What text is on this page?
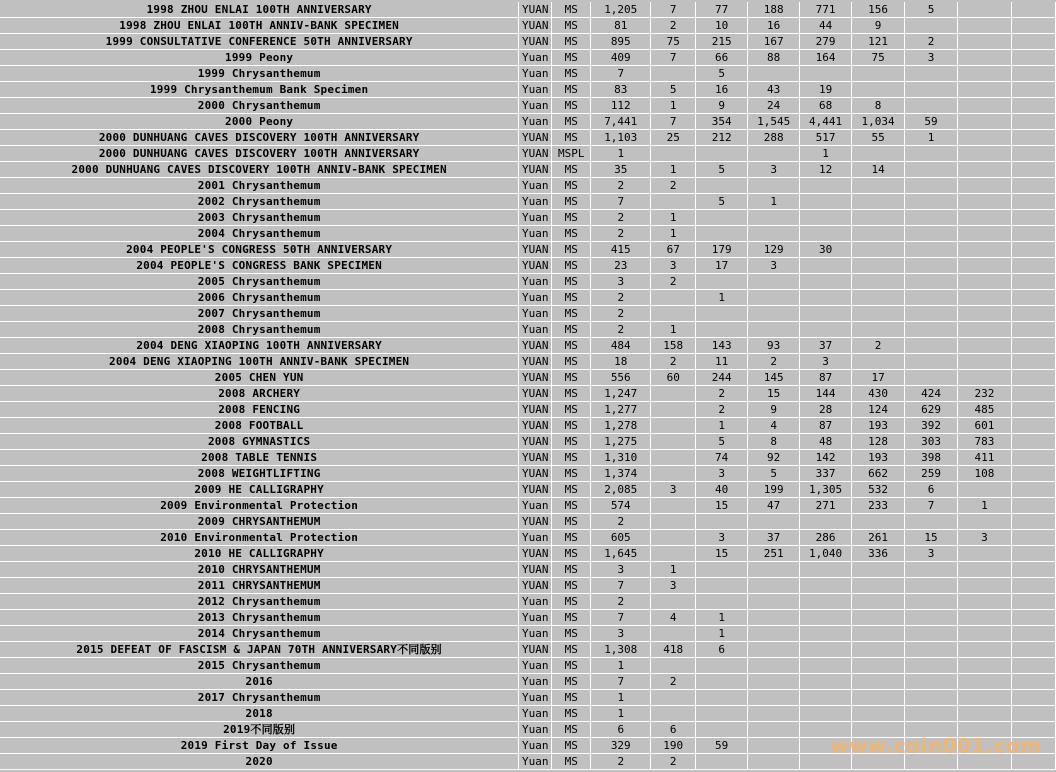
1998 ZHOU ENLAI 100TH ANNIVERSARY	YUAN	MS	1,205	7	77	188	771	156	5		
1998 ZHOU ENLAI 100TH ANNIV-BANK SPECIMEN	YUAN	MS	81	2	10	16	44	9			
1999 CONSULTATIVE CONFERENCE 50TH ANNIVERSARY	YUAN	MS	895	75	215	167	279	121	2		
1999 Peony	Yuan	MS	409	7	66	88	164	75	3		
1999 Chrysanthemum	Yuan	MS	7		5						
1999 Chrysanthemum Bank Specimen	Yuan	MS	83	5	16	43	19				
2000 Chrysanthemum	Yuan	MS	112	1	9	24	68	8			
2000 Peony	Yuan	MS	7,441	7	354	1,545	4,441	1,034	59		
2000 DUNHUANG CAVES DISCOVERY 100TH ANNIVERSARY	YUAN	MS	1,103	25	212	288	517	55	1		
2000 DUNHUANG CAVES DISCOVERY 100TH ANNIVERSARY	YUAN	MSPL	1				1				
2000 DUNHUANG CAVES DISCOVERY 100TH ANNIV-BANK SPECIMEN	YUAN	MS	35	1	5	3	12	14			
2001 Chrysanthemum	Yuan	MS	2	2							
2002 Chrysanthemum	Yuan	MS	7		5	1					
2003 Chrysanthemum	Yuan	MS	2	1							
2004 Chrysanthemum	Yuan	MS	2	1							
2004 PEOPLE'S CONGRESS 50TH ANNIVERSARY	YUAN	MS	415	67	179	129	30				
2004 PEOPLE'S CONGRESS BANK SPECIMEN	YUAN	MS	23	3	17	3					
2005 Chrysanthemum	Yuan	MS	3	2							
2006 Chrysanthemum	Yuan	MS	2		1						
2007 Chrysanthemum	Yuan	MS	2								
2008 Chrysanthemum	Yuan	MS	2	1							
2004 DENG XIAOPING 100TH ANNIVERSARY	YUAN	MS	484	158	143	93	37	2			
2004 DENG XIAOPING 100TH ANNIV-BANK SPECIMEN	YUAN	MS	18	2	11	2	3				
2005 CHEN YUN	YUAN	MS	556	60	244	145	87	17			
2008 ARCHERY	YUAN	MS	1,247		2	15	144	430	424	232	
2008 FENCING	YUAN	MS	1,277		2	9	28	124	629	485	
2008 FOOTBALL	YUAN	MS	1,278		1	4	87	193	392	601	
2008 GYMNASTICS	YUAN	MS	1,275		5	8	48	128	303	783	
2008 TABLE TENNIS	YUAN	MS	1,310		74	92	142	193	398	411	
2008 WEIGHTLIFTING	YUAN	MS	1,374		3	5	337	662	259	108	
2009 HE CALLIGRAPHY	YUAN	MS	2,085	3	40	199	1,305	532	6		
2009 Environmental Protection	Yuan	MS	574		15	47	271	233	7	1	
2009 CHRYSANTHEMUM	YUAN	MS	2								
2010 Environmental Protection	Yuan	MS	605		3	37	286	261	15	3	
2010 HE CALLIGRAPHY	YUAN	MS	1,645		15	251	1,040	336	3		
2010 CHRYSANTHEMUM	YUAN	MS	3	1							
2011 CHRYSANTHEMUM	YUAN	MS	7	3							
2012 Chrysanthemum	Yuan	MS	2								
2013 Chrysanthemum	Yuan	MS	7	4	1						
2014 Chrysanthemum	Yuan	MS	3		1						
2015 DEFEAT OF FASCISM & JAPAN 70TH ANNIVERSARY不同版别	YUAN	MS	1,308	418	6						
2015 Chrysanthemum	Yuan	MS	1								
2016	Yuan	MS	7	2							
2017 Chrysanthemum	Yuan	MS	1								
2018	Yuan	MS	1								
2019不同版别	Yuan	MS	6	6							
2019 First Day of Issue	Yuan	MS	329	190	59						
2020	Yuan	MS	2	2							
www.coin001.com
